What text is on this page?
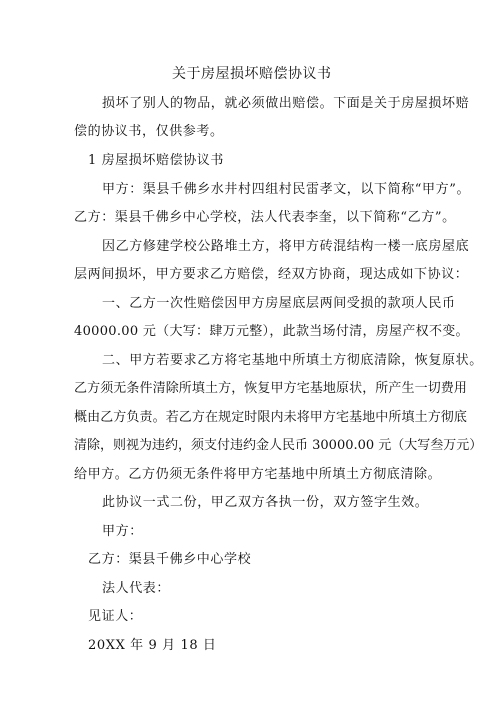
关于房屋损坏赔偿协议书
损坏了别人的物品，就必须做出赔偿。下面是关于房屋损坏赔
偿的协议书，仅供参考。
1 房屋损坏赔偿协议书
甲方：渠县千佛乡水井村四组村民雷孝文，以下简称“甲方”。
乙方：渠县千佛乡中心学校，法人代表李奎，以下简称“乙方”。
因乙方修建学校公路堆土方，将甲方砖混结构一楼一底房屋底
层两间损坏，甲方要求乙方赔偿，经双方协商，现达成如下协议：
一、乙方一次性赔偿因甲方房屋底层两间受损的款项人民币
40000.00 元（大写：肆万元整），此款当场付清，房屋产权不变。
二、甲方若要求乙方将宅基地中所填土方彻底清除，恢复原状。
乙方须无条件清除所填土方，恢复甲方宅基地原状，所产生一切费用
概由乙方负责。若乙方在规定时限内未将甲方宅基地中所填土方彻底
清除，则视为违约，须支付违约金人民币 30000.00 元（大写叁万元）
给甲方。乙方仍须无条件将甲方宅基地中所填土方彻底清除。
此协议一式二份，甲乙双方各执一份，双方签字生效。
甲方：
乙方：渠县千佛乡中心学校
法人代表：
见证人：
20XX 年 9 月 18 日
